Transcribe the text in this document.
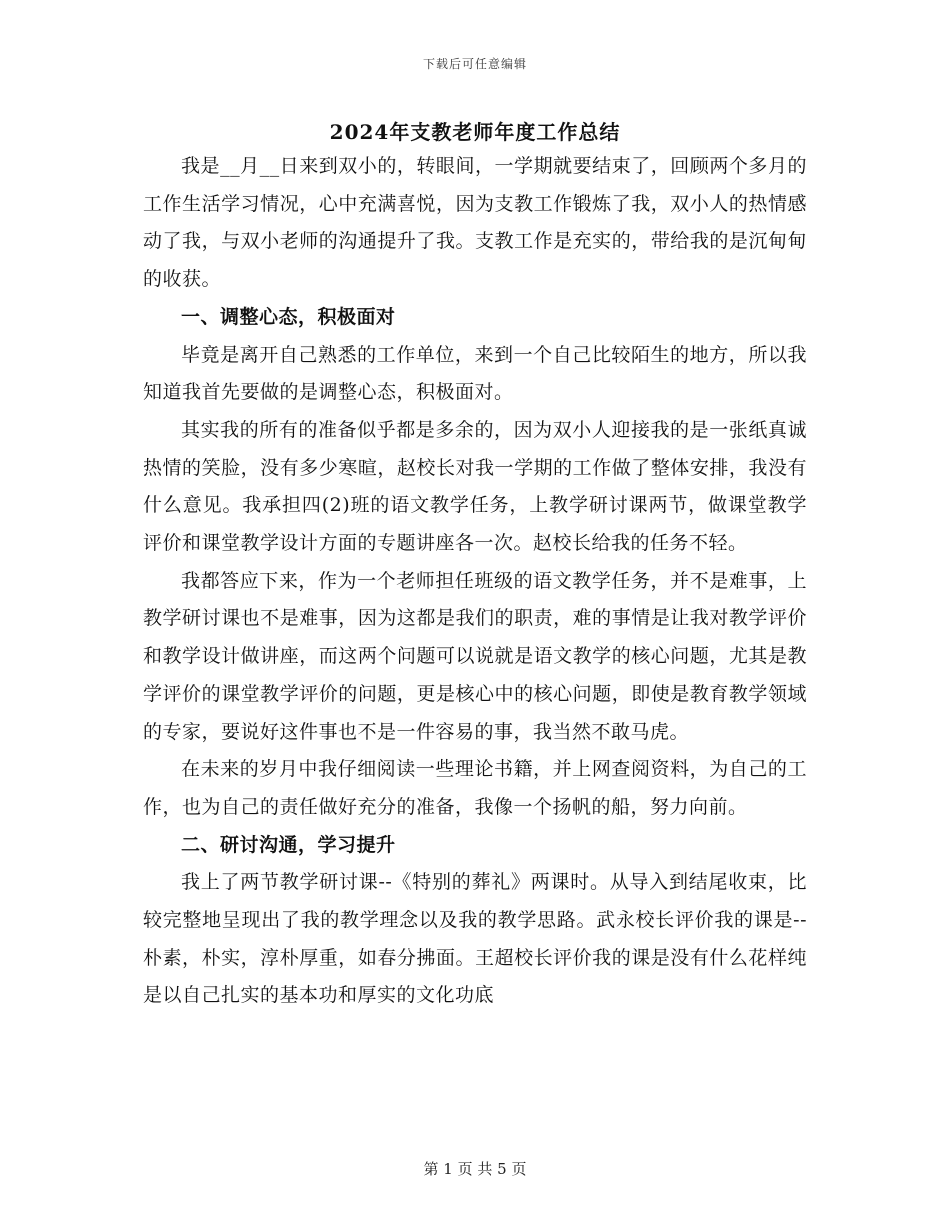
下载后可任意编辑
2024年支教老师年度工作总结

我是__月__日来到双小的，转眼间，一学期就要结束了，回顾两个多月的工作生活学习情况，心中充满喜悦，因为支教工作锻炼了我，双小人的热情感动了我，与双小老师的沟通提升了我。支教工作是充实的，带给我的是沉甸甸的收获。

一、调整心态，积极面对

毕竟是离开自己熟悉的工作单位，来到一个自己比较陌生的地方，所以我知道我首先要做的是调整心态，积极面对。

其实我的所有的准备似乎都是多余的，因为双小人迎接我的是一张纸真诚热情的笑脸，没有多少寒暄，赵校长对我一学期的工作做了整体安排，我没有什么意见。我承担四(2)班的语文教学任务，上教学研讨课两节，做课堂教学评价和课堂教学设计方面的专题讲座各一次。赵校长给我的任务不轻。

我都答应下来，作为一个老师担任班级的语文教学任务，并不是难事，上教学研讨课也不是难事，因为这都是我们的职责，难的事情是让我对教学评价和教学设计做讲座，而这两个问题可以说就是语文教学的核心问题，尤其是教学评价的课堂教学评价的问题，更是核心中的核心问题，即使是教育教学领域的专家，要说好这件事也不是一件容易的事，我当然不敢马虎。

在未来的岁月中我仔细阅读一些理论书籍，并上网查阅资料，为自己的工作，也为自己的责任做好充分的准备，我像一个扬帆的船，努力向前。

二、研讨沟通，学习提升

我上了两节教学研讨课--《特别的葬礼》两课时。从导入到结尾收束，比较完整地呈现出了我的教学理念以及我的教学思路。武永校长评价我的课是--朴素，朴实，淳朴厚重，如春分拂面。王超校长评价我的课是没有什么花样纯是以自己扎实的基本功和厚实的文化功底

第 1 页 共 5 页
